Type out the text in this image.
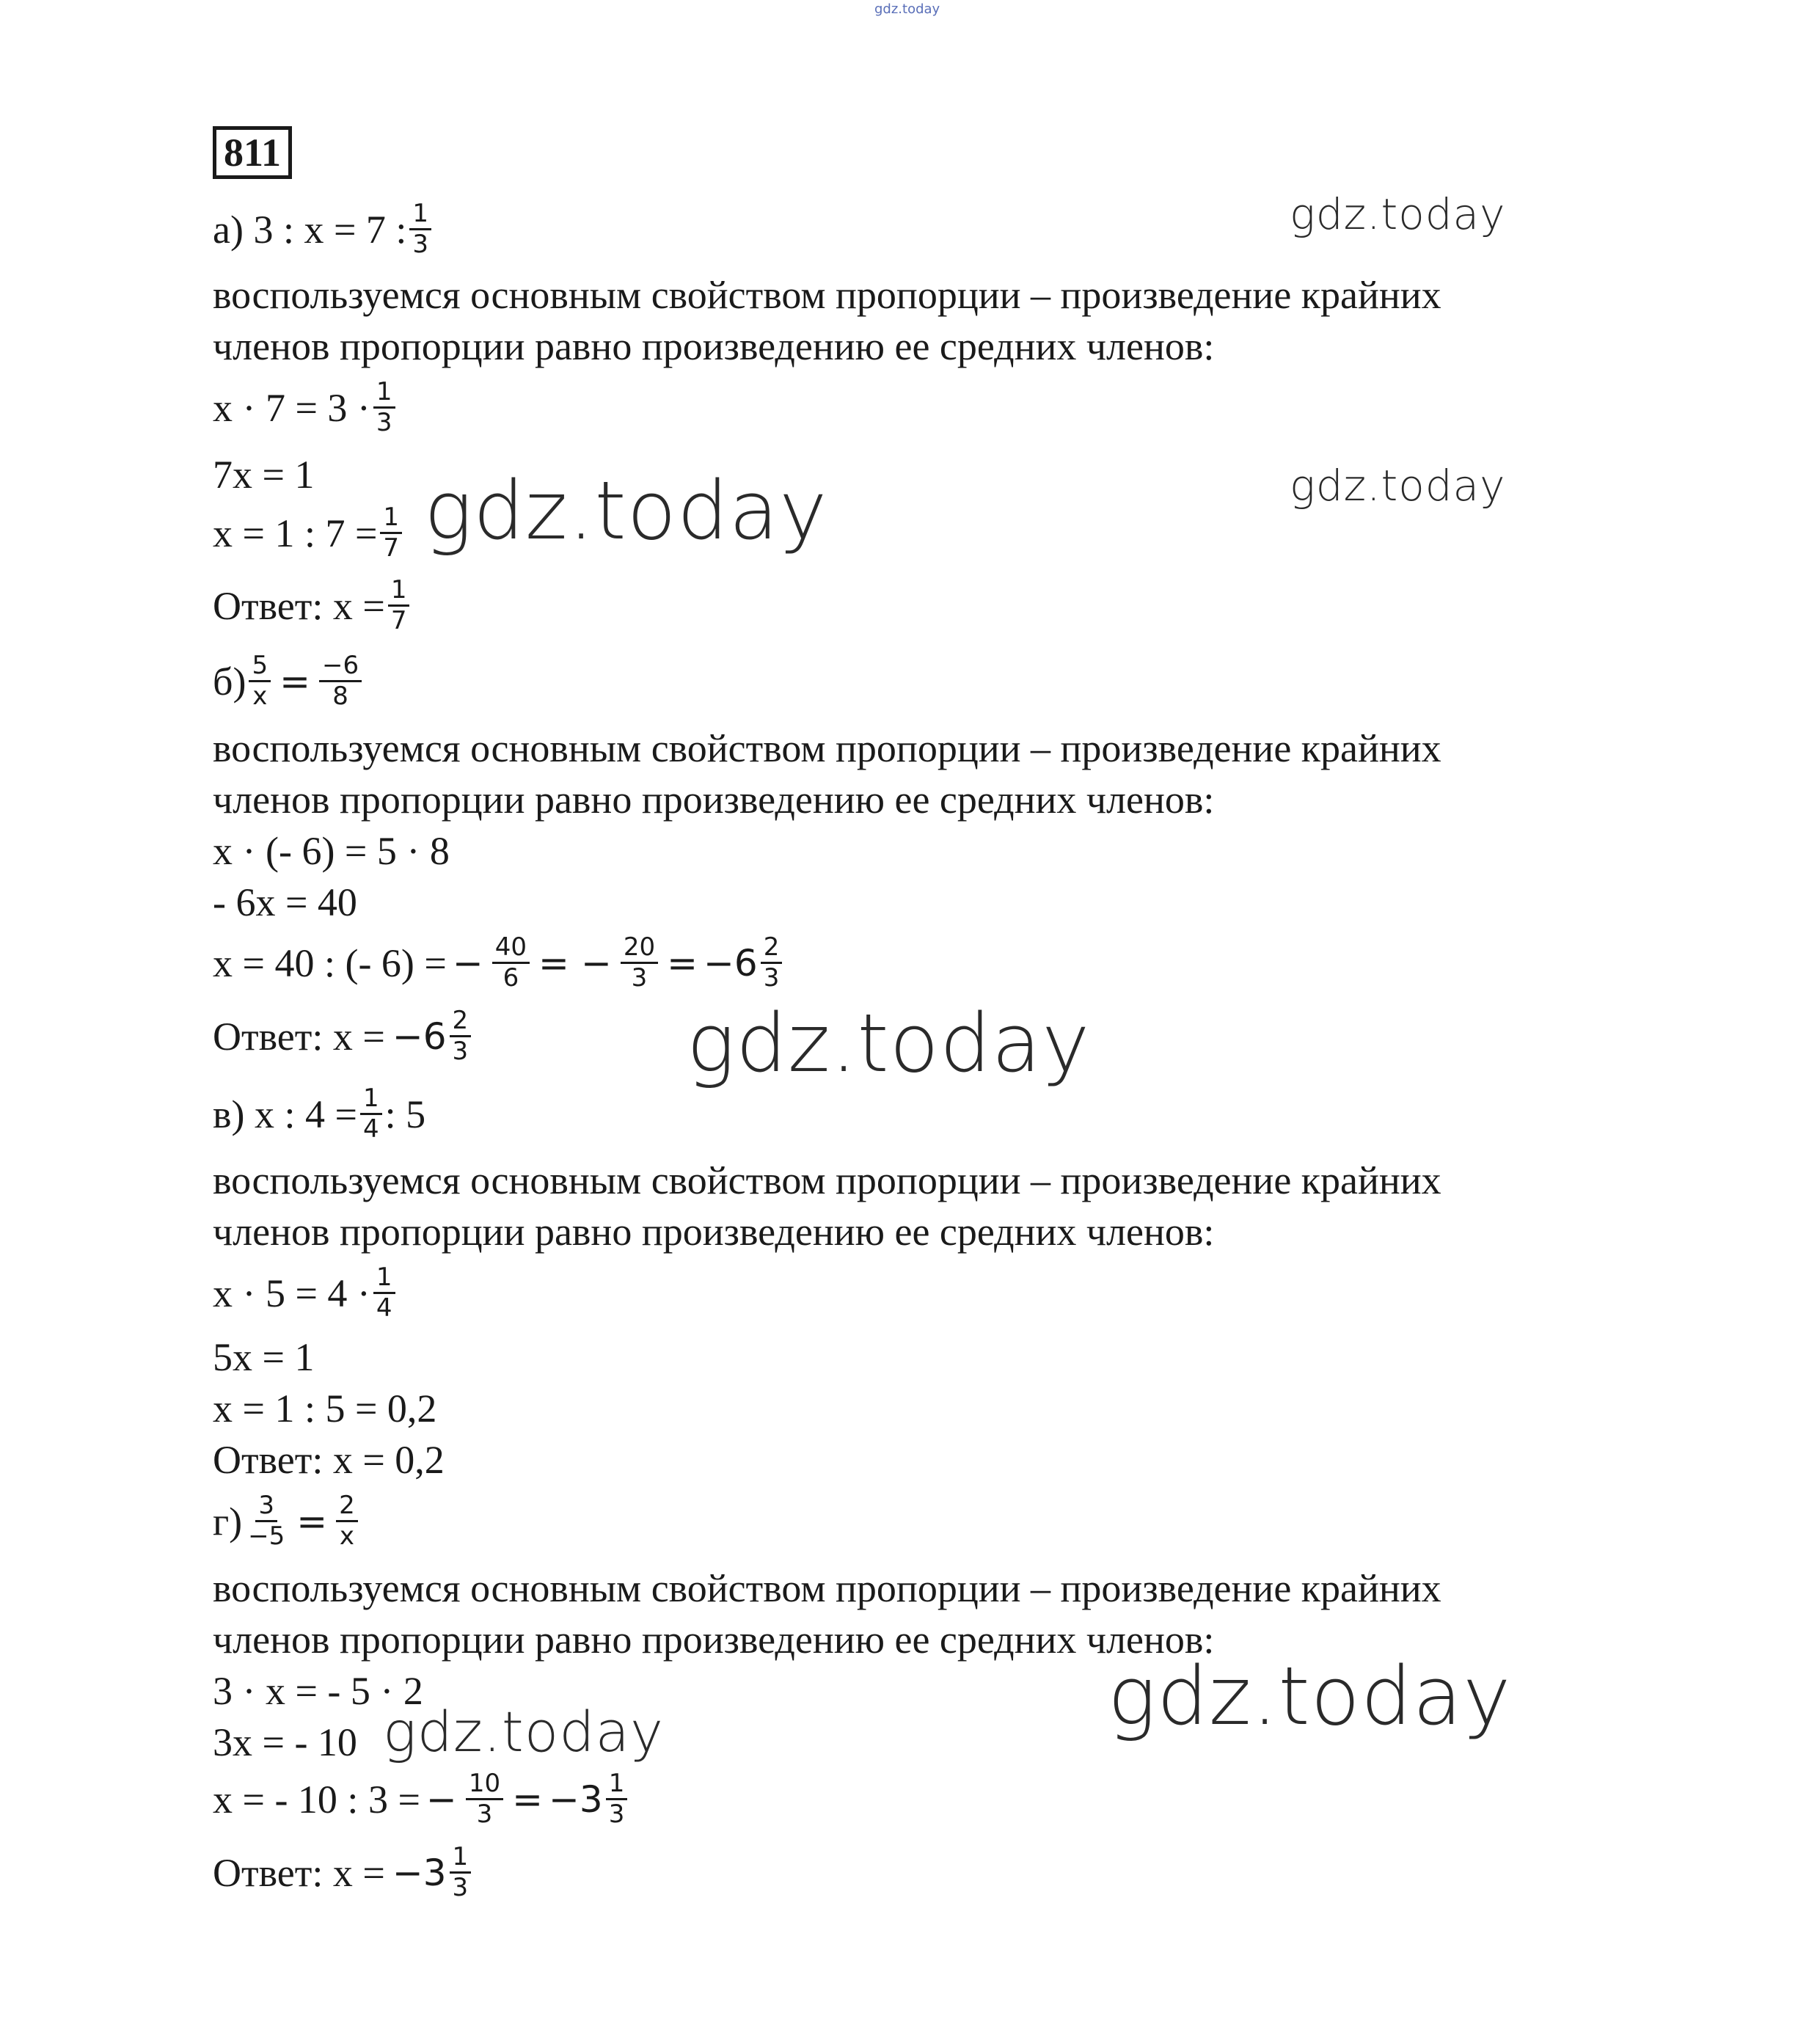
gdz.today
gdz.today
gdz.today
gdz.today
gdz.today
gdz.today
gdz.today
811
а) 3 : x = 7 : $\frac{1}{3}$
воспользуемся основным свойством пропорции – произведение крайних
членов пропорции равно произведению ее средних членов:
$x \cdot 7 = 3 \cdot \frac{1}{3}$
7x = 1
x = 1 : $7 = \frac{1}{7}$
Ответ: $x = \frac{1}{7}$
$б) \frac{5}{x} = \frac{-6}{8}$
воспользуемся основным свойством пропорции – произведение крайних
членов пропорции равно произведению ее средних членов:
x · (- 6) = 5 · 8
- 6x = 40
x = 40 : (- 6) = − $\frac{40}{6}$ = − $\frac{20}{3} = -6 \frac{2}{3}$
Ответ: $x = -6 \frac{2}{3}$
в) x : $4 = \frac{1}{4}$ : 5
воспользуемся основным свойством пропорции – произведение крайних
членов пропорции равно произведению ее средних членов:
$x \cdot 5 = 4 \cdot \frac{1}{4}$
5x = 1
x = 1 : 5 = 0,2
Ответ: x = 0,2
$г) \frac{3}{-5} = \frac{2}{x}$
воспользуемся основным свойством пропорции – произведение крайних
членов пропорции равно произведению ее средних членов:
3 · x = - 5 · 2
3x = - 10
x = - 10 : 3 = − $\frac{10}{3} = -3 \frac{1}{3}$
Ответ: $x = -3 \frac{1}{3}$
